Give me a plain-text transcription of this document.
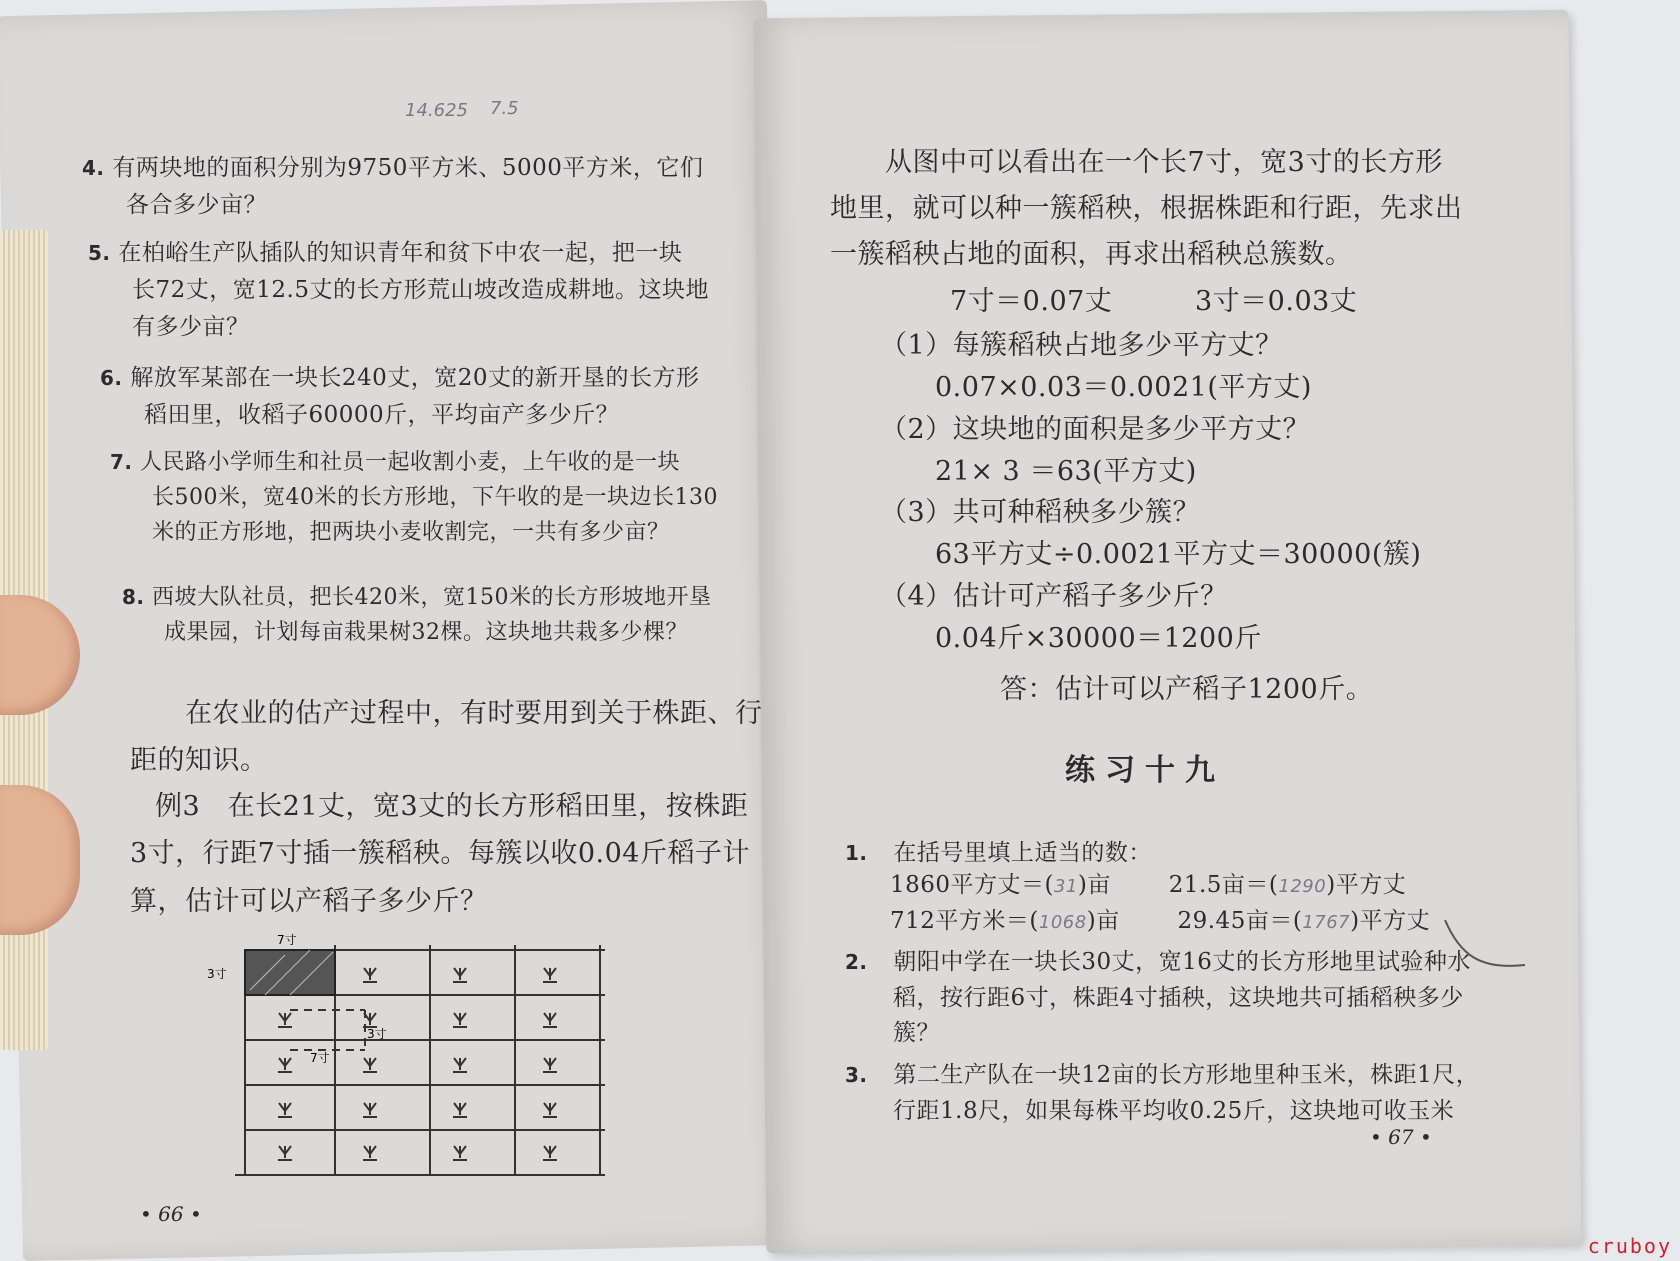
14.625 7.5
4. 有两块地的面积分别为9750平方米、5000平方米，它们
各合多少亩？
5. 在柏峪生产队插队的知识青年和贫下中农一起，把一块
长72丈，宽12.5丈的长方形荒山坡改造成耕地。这块地
有多少亩？
6. 解放军某部在一块长240丈，宽20丈的新开垦的长方形
稻田里，收稻子60000斤，平均亩产多少斤？
7. 人民路小学师生和社员一起收割小麦，上午收的是一块
长500米，宽40米的长方形地，下午收的是一块边长130
米的正方形地，把两块小麦收割完，一共有多少亩？
8. 西坡大队社员，把长420米，宽150米的长方形坡地开垦
成果园，计划每亩栽果树32棵。这块地共栽多少棵？
在农业的估产过程中，有时要用到关于株距、行
距的知识。
例3　在长21丈，宽3丈的长方形稻田里，按株距
3寸，行距7寸插一簇稻秧。每簇以收0.04斤稻子计
算，估计可以产稻子多少斤？
7寸
3寸
3寸
7寸
• 66 •
从图中可以看出在一个长7寸，宽3寸的长方形
地里，就可以种一簇稻秧，根据株距和行距，先求出
一簇稻秧占地的面积，再求出稻秧总簇数。
7寸＝0.07丈	3寸＝0.03丈
（1）每簇稻秧占地多少平方丈？
0.07×0.03＝0.0021(平方丈)
（2）这块地的面积是多少平方丈？
21× 3 ＝63(平方丈)
（3）共可种稻秧多少簇？
63平方丈÷0.0021平方丈＝30000(簇)
（4）估计可产稻子多少斤？
0.04斤×30000＝1200斤
答：估计可以产稻子1200斤。
练习十九
1. 在括号里填上适当的数：
1860平方丈＝(31)亩	21.5亩＝(1290)平方丈
712平方米＝(1068)亩	29.45亩＝(1767)平方丈
2. 朝阳中学在一块长30丈，宽16丈的长方形地里试验种水
稻，按行距6寸，株距4寸插秧，这块地共可插稻秧多少
簇？
3. 第二生产队在一块12亩的长方形地里种玉米，株距1尺，
行距1.8尺，如果每株平均收0.25斤，这块地可收玉米
• 67 •
cruboy
